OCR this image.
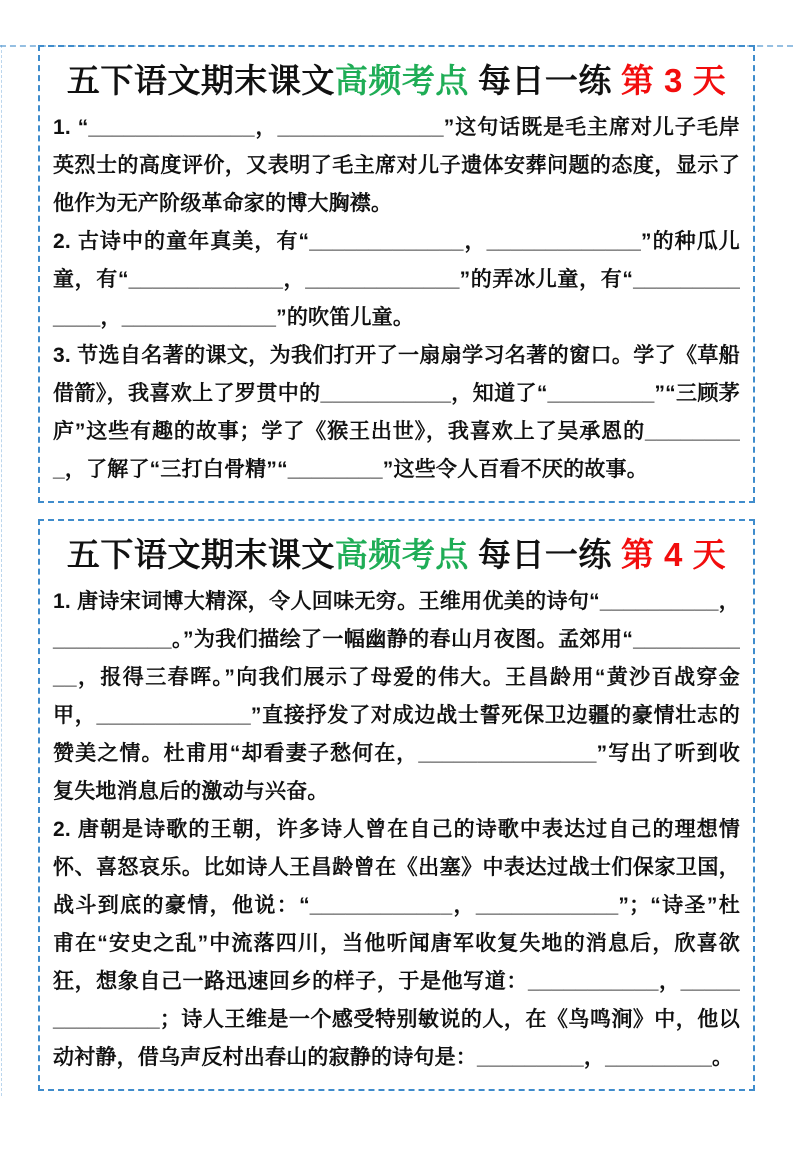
五下语文期末课文高频考点 每日一练 第 3 天

1. “______________，______________”这句话既是毛主席对儿子毛岸英烈士的高度评价，又表明了毛主席对儿子遗体安葬问题的态度，显示了他作为无产阶级革命家的博大胸襟。

2. 古诗中的童年真美，有“_____________，_____________”的种瓜儿童，有“_____________，_____________”的弄冰儿童，有“_____________，_____________”的吹笛儿童。

3. 节选自名著的课文，为我们打开了一扇扇学习名著的窗口。学了《草船借箭》，我喜欢上了罗贯中的___________，知道了“_________”“三顾茅庐”这些有趣的故事；学了《猴王出世》，我喜欢上了吴承恩的_________，了解了“三打白骨精”“________”这些令人百看不厌的故事。

五下语文期末课文高频考点 每日一练 第 4 天

1. 唐诗宋词博大精深，令人回味无穷。王维用优美的诗句“__________，__________。”为我们描绘了一幅幽静的春山月夜图。孟郊用“___________，报得三春晖。”向我们展示了母爱的伟大。王昌龄用“黄沙百战穿金甲，_____________”直接抒发了对成边战士誓死保卫边疆的豪情壮志的赞美之情。杜甫用“却看妻子愁何在，_______________”写出了听到收复失地消息后的激动与兴奋。

2. 唐朝是诗歌的王朝，许多诗人曾在自己的诗歌中表达过自己的理想情怀、喜怒哀乐。比如诗人王昌龄曾在《出塞》中表达过战士们保家卫国，战斗到底的豪情，他说：“____________，____________”；“诗圣”杜甫在“安史之乱”中流落四川，当他听闻唐军收复失地的消息后，欣喜欲狂，想象自己一路迅速回乡的样子，于是他写道：___________，______________；诗人王维是一个感受特别敏说的人，在《鸟鸣涧》中，他以动衬静，借乌声反村出春山的寂静的诗句是：_________，_________。
